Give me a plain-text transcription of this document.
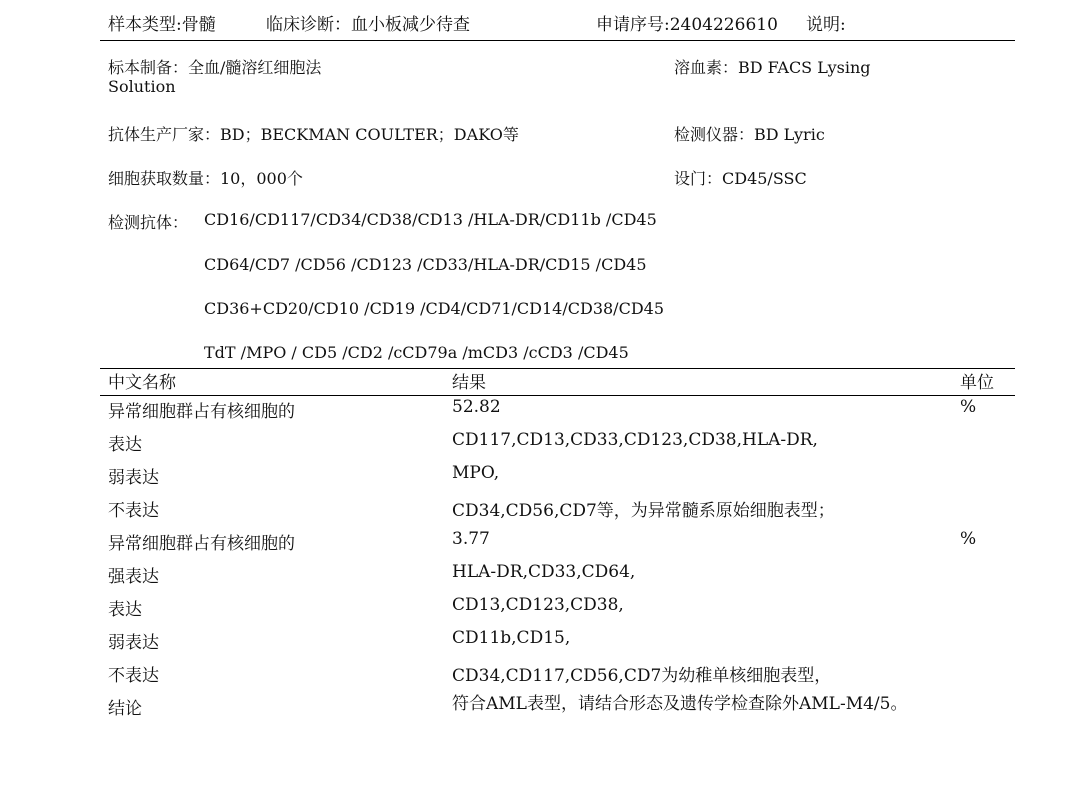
样本类型:骨髓	临床诊断：血小板减少待查	申请序号:2404226610 说明:
标本制备：全血/髓溶红细胞法
Solution
溶血素：BD FACS Lysing
抗体生产厂家：BD；BECKMAN COULTER；DAKO等	检测仪器：BD Lyric
细胞获取数量：10，000个	设门：CD45/SSC
检测抗体： CD16/CD117/CD34/CD38/CD13 /HLA-DR/CD11b /CD45
CD64/CD7 /CD56 /CD123 /CD33/HLA-DR/CD15 /CD45
CD36+CD20/CD10 /CD19 /CD4/CD71/CD14/CD38/CD45
TdT /MPO / CD5 /CD2 /cCD79a /mCD3 /cCD3 /CD45
中文名称	结果	单位
异常细胞群占有核细胞的	52.82	%
表达	CD117,CD13,CD33,CD123,CD38,HLA-DR,
弱表达	MPO,
不表达	CD34,CD56,CD7等，为异常髓系原始细胞表型；
异常细胞群占有核细胞的	3.77	%
强表达	HLA-DR,CD33,CD64,
表达	CD13,CD123,CD38,
弱表达	CD11b,CD15,
不表达	CD34,CD117,CD56,CD7为幼稚单核细胞表型，
结论	符合AML表型，请结合形态及遗传学检查除外AML-M4/5。
